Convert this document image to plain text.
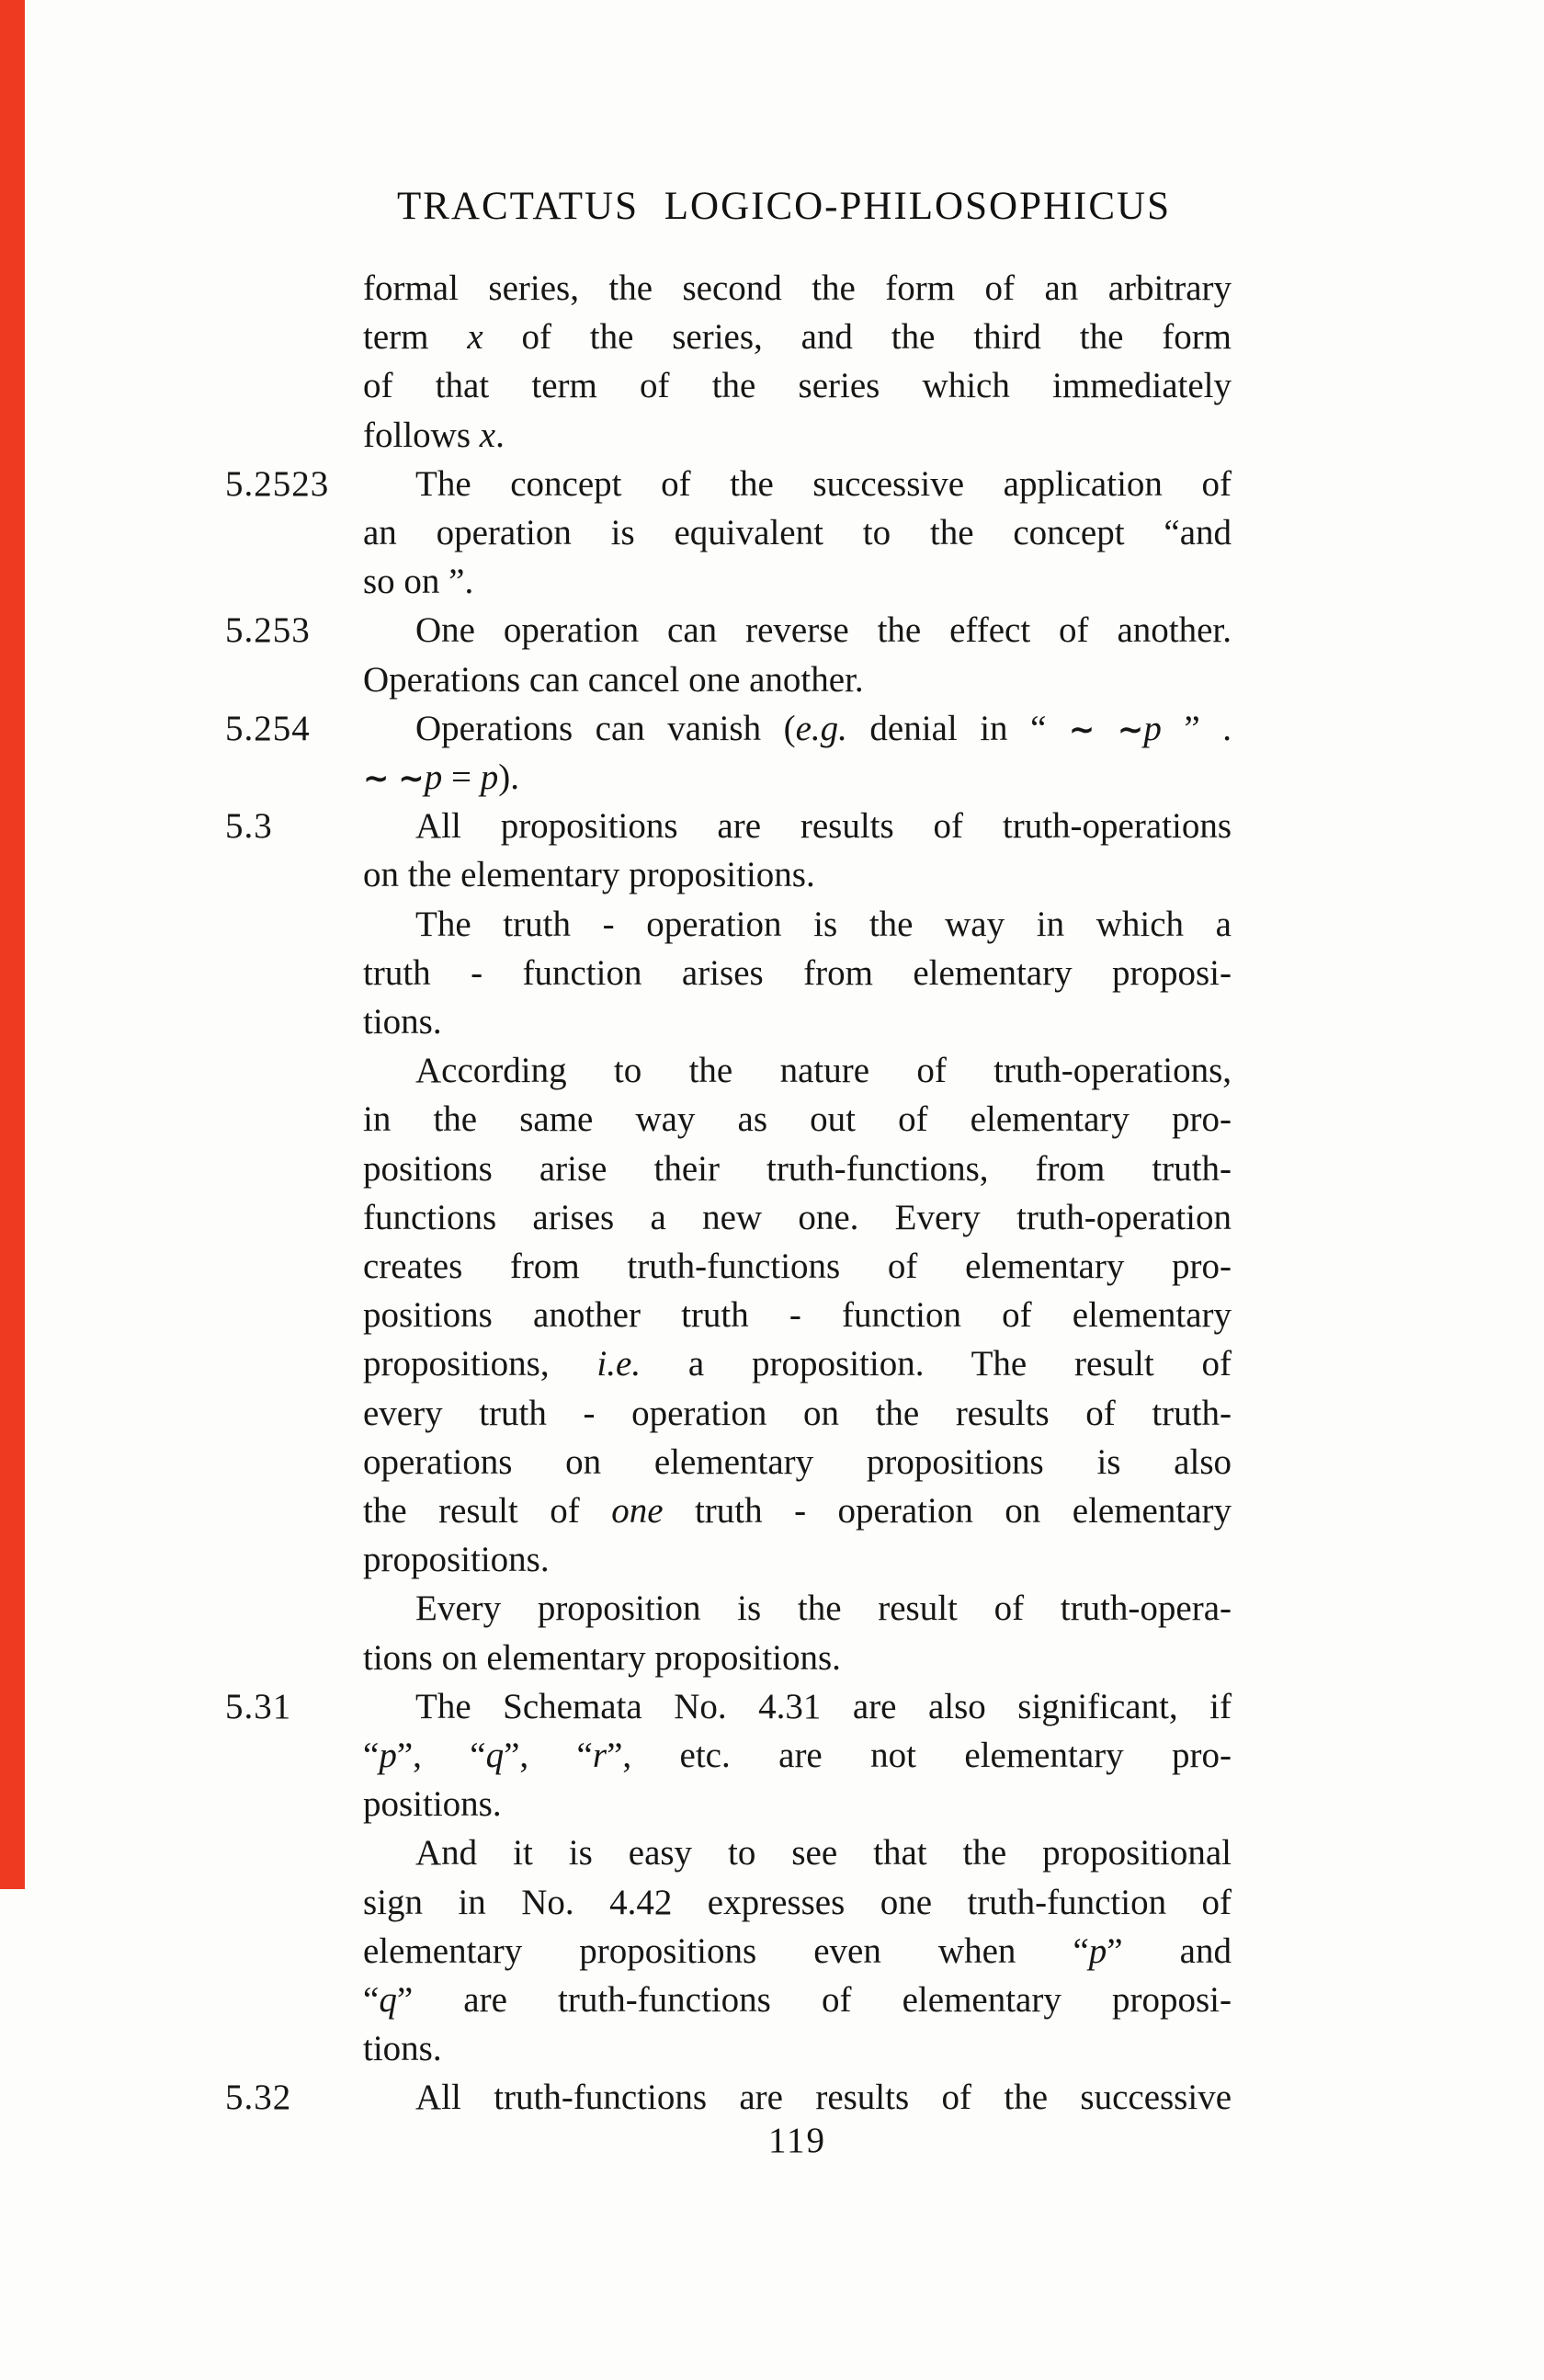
TRACTATUS LOGICO-PHILOSOPHICUS
formal series, the second the form of an arbitrary
term x of the series, and the third the form
of that term of the series which immediately
follows x.
5.2523	The concept of the successive application of
an operation is equivalent to the concept “and
so on ”.
5.253	One operation can reverse the effect of another.
Operations can cancel one another.
5.254	Operations can vanish (e.g. denial in “ ∼ ∼p ” .
∼ ∼p = p).
5.3	All propositions are results of truth-operations
on the elementary propositions.
The truth - operation is the way in which a
truth - function arises from elementary proposi-
tions.
According to the nature of truth-operations,
in the same way as out of elementary pro-
positions arise their truth-functions, from truth-
functions arises a new one. Every truth-operation
creates from truth-functions of elementary pro-
positions another truth - function of elementary
propositions, i.e. a proposition. The result of
every truth - operation on the results of truth-
operations on elementary propositions is also
the result of one truth - operation on elementary
propositions.
Every proposition is the result of truth-opera-
tions on elementary propositions.
5.31	The Schemata No. 4.31 are also significant, if
“p”, “q”, “r”, etc. are not elementary pro-
positions.
And it is easy to see that the propositional
sign in No. 4.42 expresses one truth-function of
elementary propositions even when “p” and
“q” are truth-functions of elementary proposi-
tions.
5.32	All truth-functions are results of the successive
119
